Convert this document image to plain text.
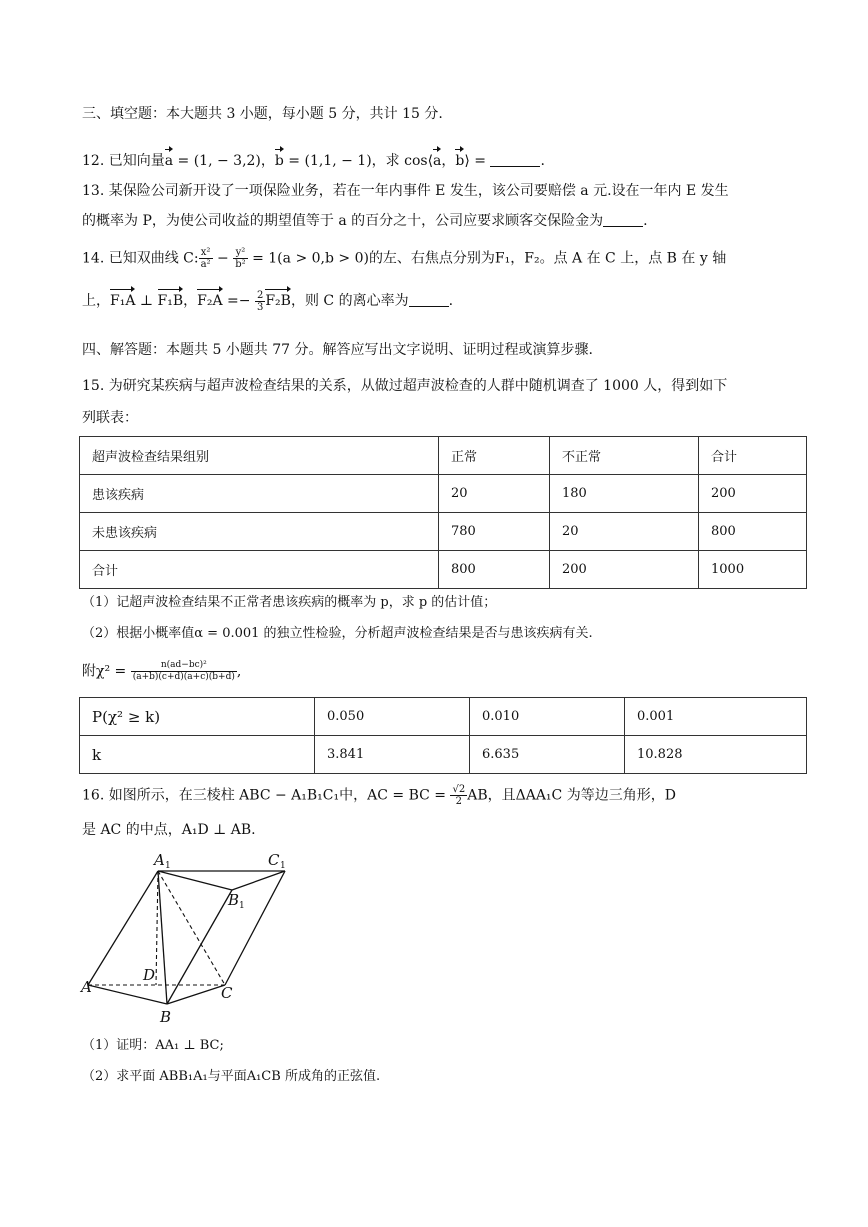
三、填空题：本大题共 3 小题，每小题 5 分，共计 15 分.
12. 已知向量a = (1, − 3,2)，b = (1,1, − 1)，求 cos⟨a，b⟩ =	.
13. 某保险公司新开设了一项保险业务，若在一年内事件 E 发生，该公司要赔偿 a 元.设在一年内 E 发生
的概率为 P，为使公司收益的期望值等于 a 的百分之十，公司应要求顾客交保险金为	.
14. 已知双曲线 C: $\frac{\text{x²}}{\text{a²}} - \frac{\text{y²}}{\text{b²}} = 1(a > 0,b > 0)$的左、右焦点分别为F₁，F₂。点 A 在 C 上，点 B 在 y 轴
上，F₁A ⊥ F₁B，$F_2A =- \frac{2}{3} F_2B$，则 C 的离心率为	.
四、解答题：本题共 5 小题共 77 分。解答应写出文字说明、证明过程或演算步骤.
15. 为研究某疾病与超声波检查结果的关系，从做过超声波检查的人群中随机调查了 1000 人，得到如下
列联表：
超声波检查结果组别	正常	不正常	合计
患该疾病	20	180	200
未患该疾病	780	20	800
合计	800	200	1000
（1）记超声波检查结果不正常者患该疾病的概率为 p，求 p 的估计值；
（2）根据小概率值α = 0.001 的独立性检验，分析超声波检查结果是否与患该疾病有关.
附$\chi^2 = \frac{\text{n(ad−bc)²}}{(a+b)(c+d)(a+c)(b+d)}$ ,
P(χ² ≥ k)	0.050	0.010	0.001
k	3.841	6.635	10.828
16. 如图所示，在三棱柱 ABC − A₁B₁C₁中，AC = BC = $\frac{√2}{2}$ AB，且ΔAA₁C 为等边三角形，D
是 AC 的中点，A₁D ⊥ AB.
A 1	C 1
B 1
D
A	C
B
（1）证明：AA₁ ⊥ BC;
（2）求平面 ABB₁A₁与平面A₁CB 所成角的正弦值.
